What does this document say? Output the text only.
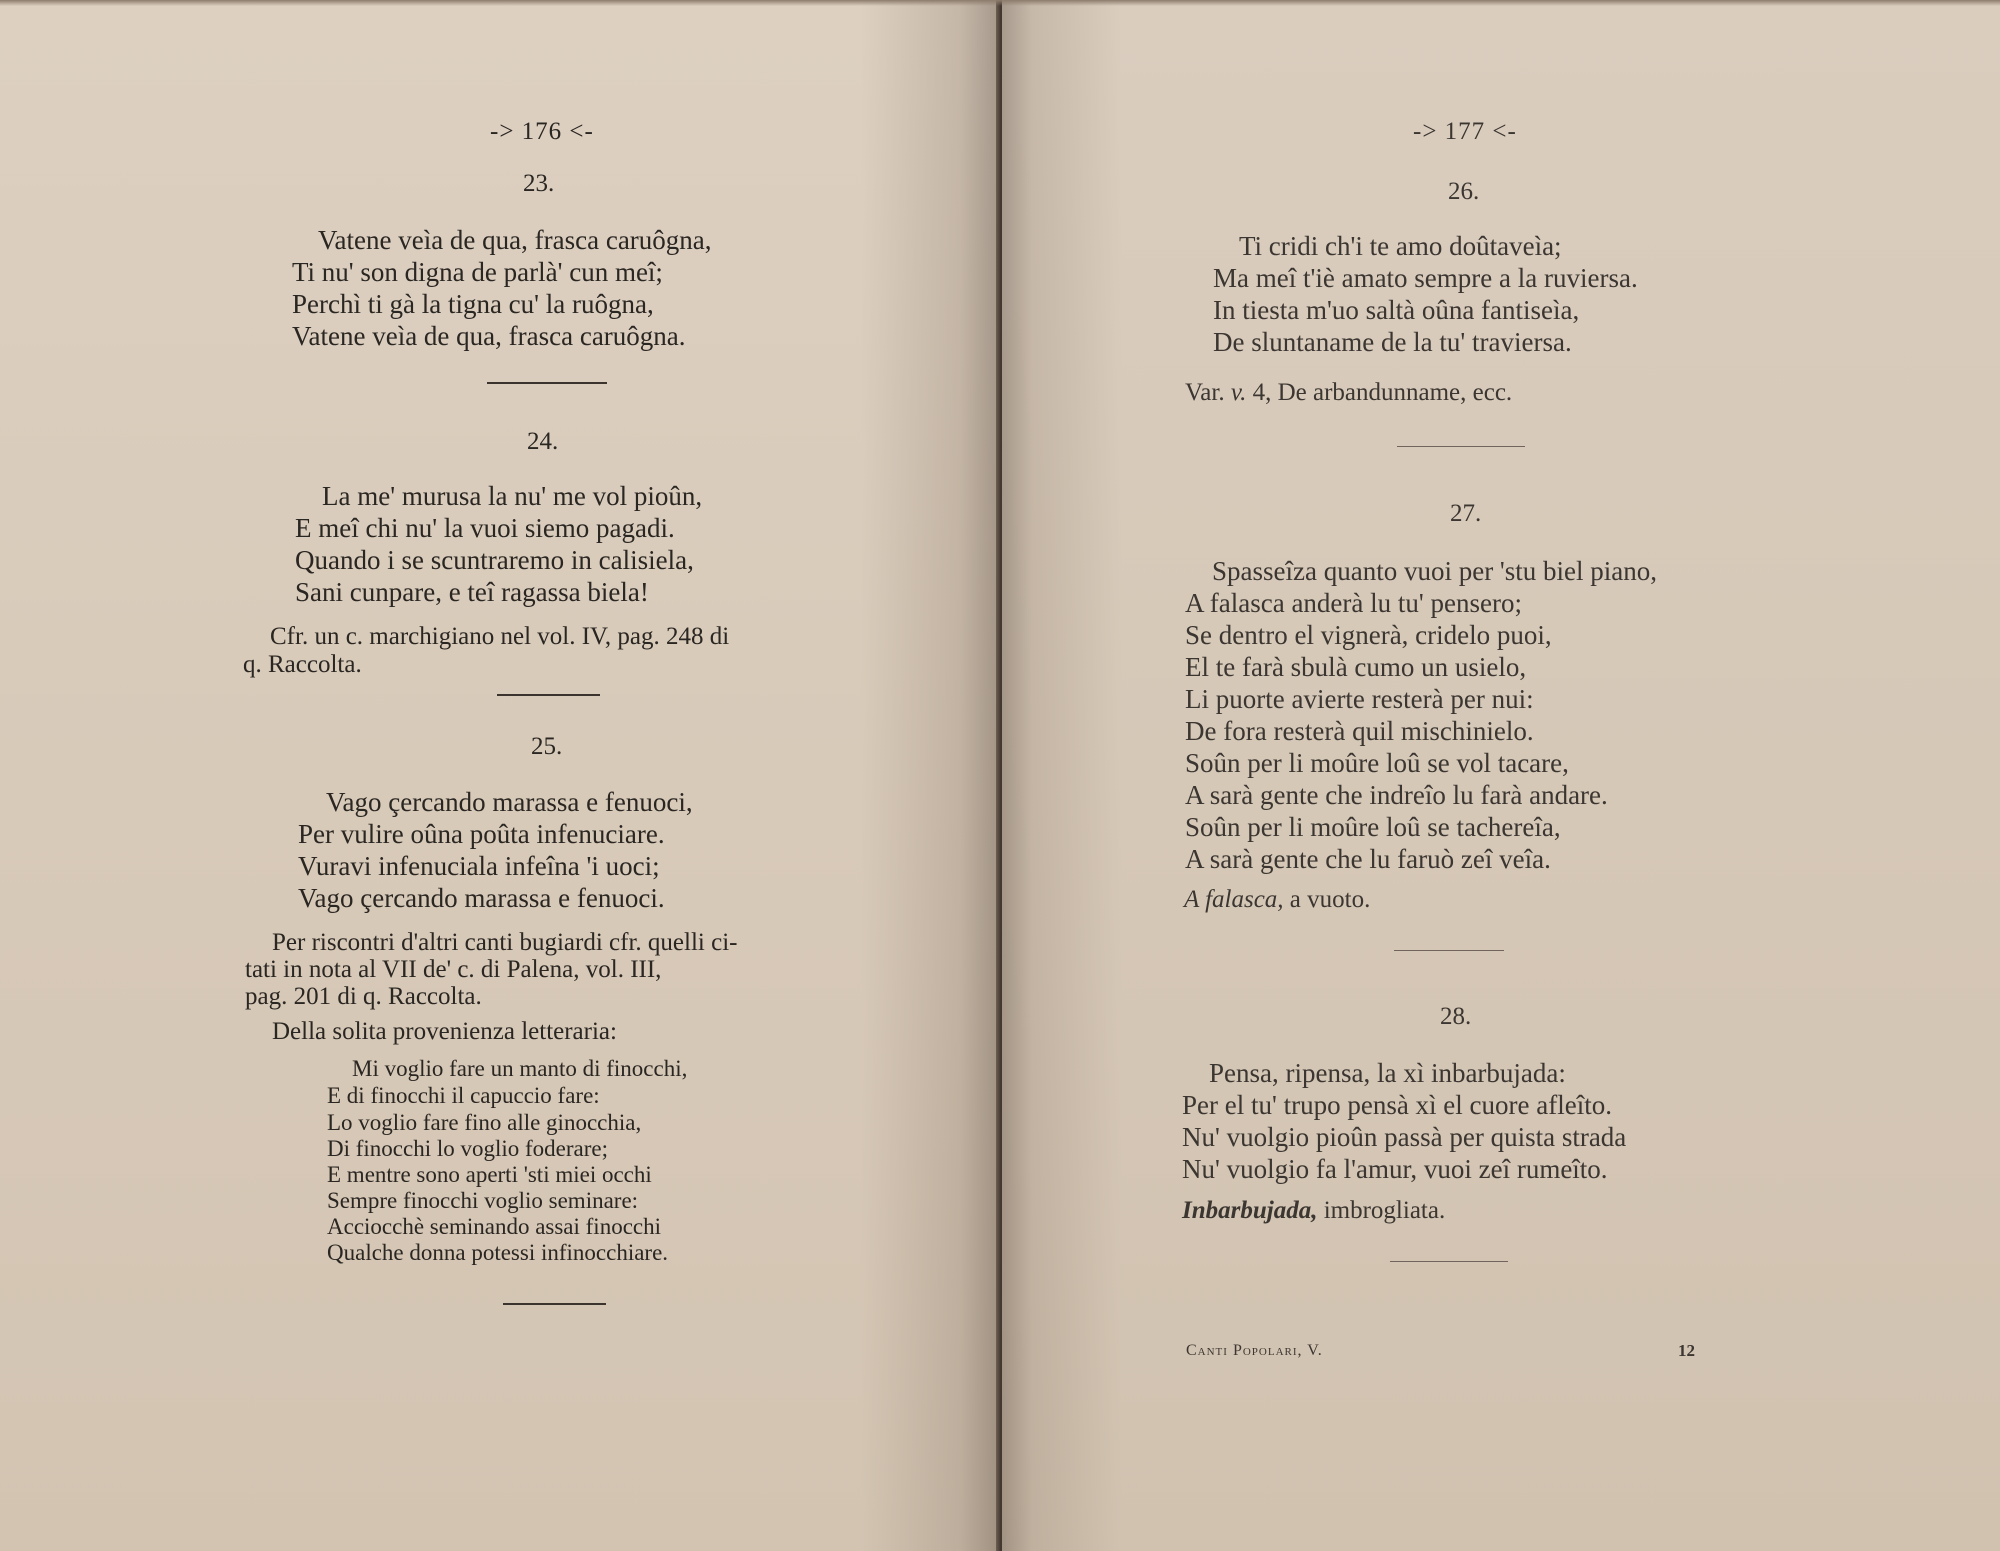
-> 176 <-
23.
Vatene veìa de qua, frasca caruôgna,
Ti nu' son digna de parlà' cun meî;
Perchì ti gà la tigna cu' la ruôgna,
Vatene veìa de qua, frasca caruôgna.
24.
La me' murusa la nu' me vol pioûn,
E meî chi nu' la vuoi siemo pagadi.
Quando i se scuntraremo in calisiela,
Sani cunpare, e teî ragassa biela!
Cfr. un c. marchigiano nel vol. IV, pag. 248 di
q. Raccolta.
25.
Vago çercando marassa e fenuoci,
Per vulire oûna poûta infenuciare.
Vuravi infenuciala infeîna 'i uoci;
Vago çercando marassa e fenuoci.
Per riscontri d'altri canti bugiardi cfr. quelli ci-
tati in nota al VII de' c. di Palena, vol. III,
pag. 201 di q. Raccolta.
Della solita provenienza letteraria:
Mi voglio fare un manto di finocchi,
E di finocchi il capuccio fare:
Lo voglio fare fino alle ginocchia,
Di finocchi lo voglio foderare;
E mentre sono aperti 'sti miei occhi
Sempre finocchi voglio seminare:
Acciocchè seminando assai finocchi
Qualche donna potessi infinocchiare.
-> 177 <-
26.
Ti cridi ch'i te amo doûtaveìa;
Ma meî t'iè amato sempre a la ruviersa.
In tiesta m'uo saltà oûna fantiseìa,
De sluntaname de la tu' traviersa.
Var. v. 4, De arbandunname, ecc.
27.
Spasseîza quanto vuoi per 'stu biel piano,
A falasca anderà lu tu' pensero;
Se dentro el vignerà, cridelo puoi,
El te farà sbulà cumo un usielo,
Li puorte avierte resterà per nui:
De fora resterà quil mischinielo.
Soûn per li moûre loû se vol tacare,
A sarà gente che indreîo lu farà andare.
Soûn per li moûre loû se tachereîa,
A sarà gente che lu faruò zeî veîa.
A falasca, a vuoto.
28.
Pensa, ripensa, la xì inbarbujada:
Per el tu' trupo pensà xì el cuore afleîto.
Nu' vuolgio pioûn passà per quista strada
Nu' vuolgio fa l'amur, vuoi zeî rumeîto.
Inbarbujada, imbrogliata.
Canti Popolari, V.	12
